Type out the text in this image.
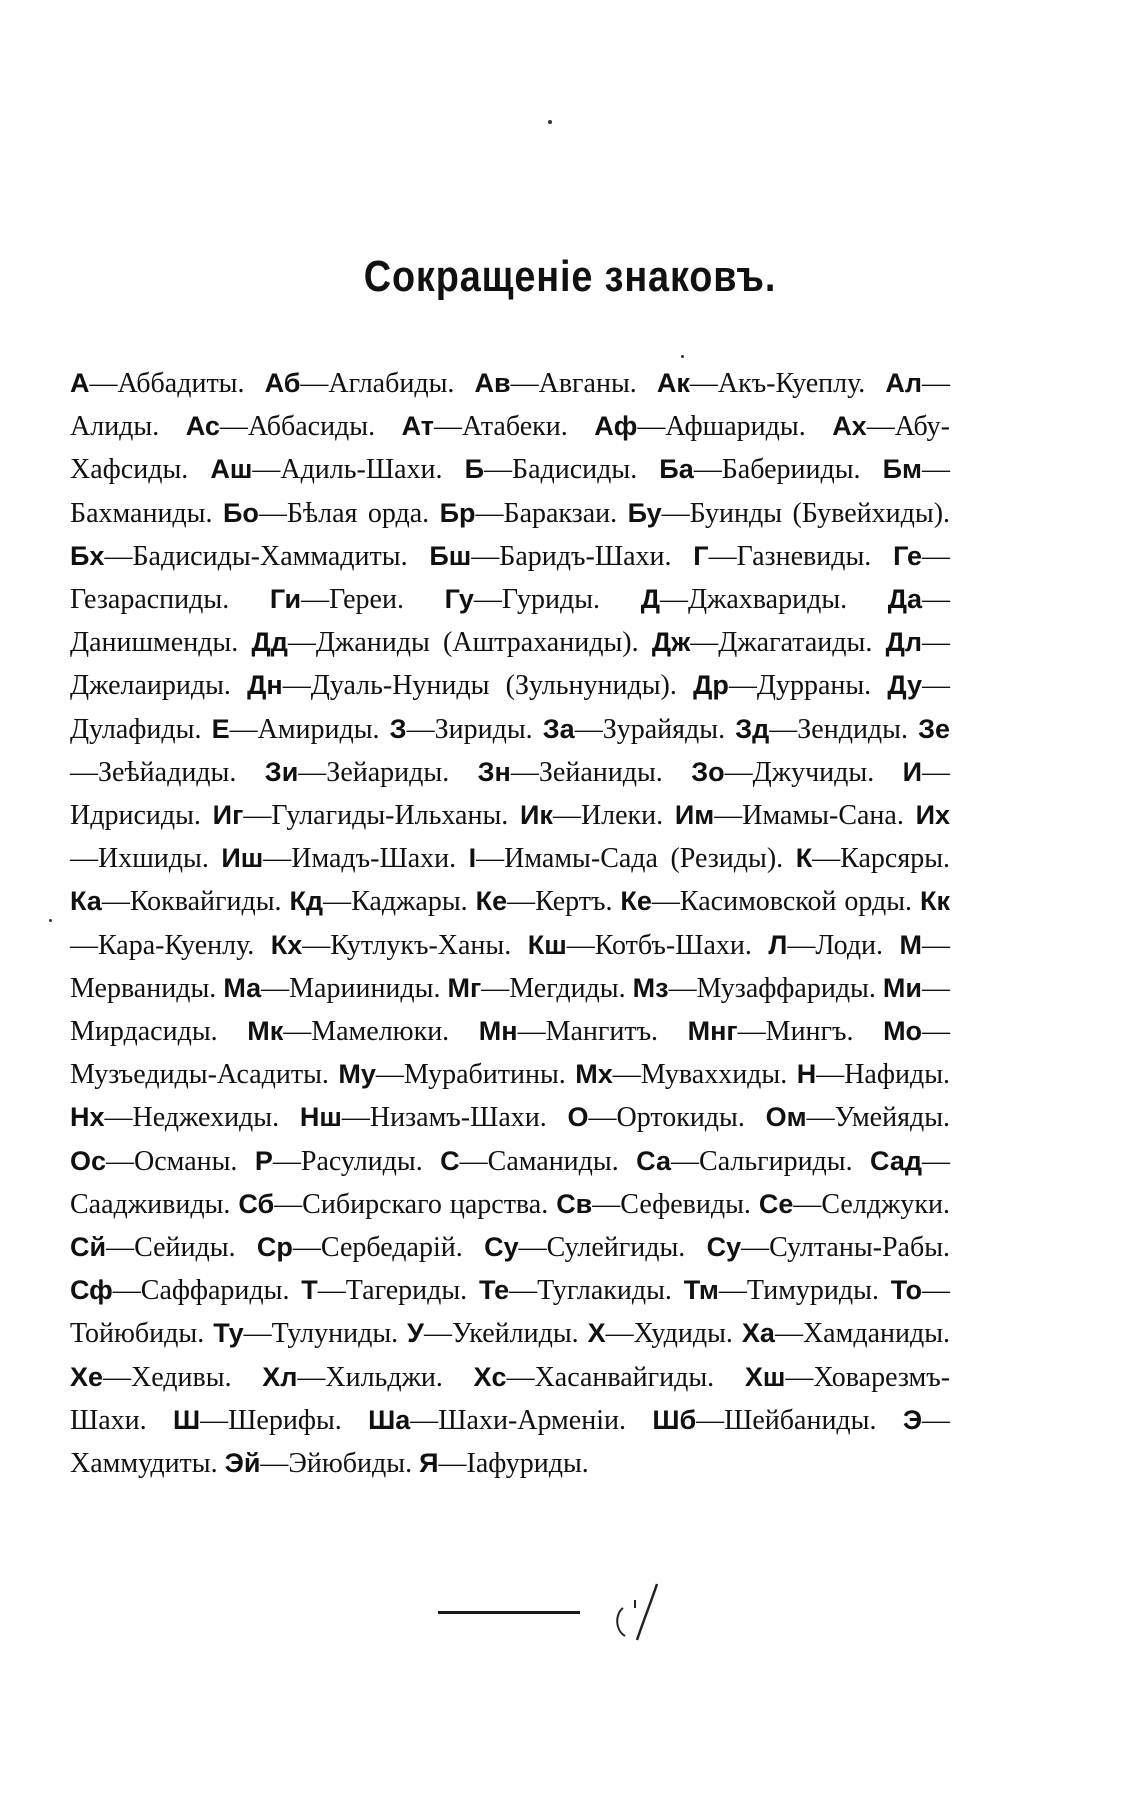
Сокращеніе знаковъ.
А—Аббадиты. Аб—Аглабиды. Ав—Авганы. Ак—Акъ-Куеплу. Ал—Алиды. Ас—Аббасиды. Ат—Атабеки. Аф—Афшариды. Ах—Абу-Хафсиды. Аш—Адиль-Шахи. Б—Бадисиды. Ба—Баберииды. Бм—Бахманиды. Бо—Бѣлая орда. Бр—Баракзаи. Бу—Буинды (Бувейхиды). Бх—Бадисиды-Хаммадиты. Бш—Баридъ-Шахи. Г—Газневиды. Ге—Гезараспиды. Ги—Гереи. Гу—Гуриды. Д—Джахвариды. Да—Данишменды. Дд—Джаниды (Аштраханиды). Дж—Джагатаиды. Дл—Джелаириды. Дн—Дуаль-Нуниды (Зульнуниды). Др—Дурраны. Ду—Дулафиды. Е—Амириды. З—Зириды. За—Зурайяды. Зд—Зендиды. Зе—Зеѣйадиды. Зи—Зейариды. Зн—Зейаниды. Зо—Джучиды. И—Идрисиды. Иг—Гулагиды-Ильханы. Ик—Илеки. Им—Имамы-Сана. Их—Ихшиды. Иш—Имадъ-Шахи. І—Имамы-Сада (Резиды). К—Карсяры. Ка—Коквайгиды. Кд—Каджары. Ке—Кертъ. Ке—Касимовской орды. Кк—Кара-Куенлу. Кх—Кутлукъ-Ханы. Кш—Котбъ-Шахи. Л—Лоди. М—Мерваниды. Ма—Марииниды. Мг—Мегдиды. Мз—Музаффариды. Ми—Мирдасиды. Мк—Мамелюки. Мн—Мангитъ. Мнг—Мингъ. Мо—Музъедиды-Асадиты. Му—Мурабитины. Мх—Муваххиды. Н—Нафиды. Нх—Неджехиды. Нш—Низамъ-Шахи. О—Ортокиды. Ом—Умейяды. Ос—Османы. Р—Расулиды. С—Саманиды. Са—Сальгириды. Сад—Саадживиды. Сб—Сибирскаго царства. Св—Сефевиды. Се—Селджуки. Сй—Сейиды. Ср—Сербедарій. Су—Сулейгиды. Су—Султаны-Рабы. Сф—Саффариды. Т—Тагериды. Те—Туглакиды. Тм—Тимуриды. То—Тойюбиды. Ту—Тулуниды. У—Укейлиды. Х—Худиды. Ха—Хамданиды. Хе—Хедивы. Хл—Хильджи. Хс—Хасанвайгиды. Хш—Ховарезмъ-Шахи. Ш—Шерифы. Ша—Шахи-Арменіи. Шб—Шейбаниды. Э—Хаммудиты. Эй—Эйюбиды. Я—Іафуриды.
